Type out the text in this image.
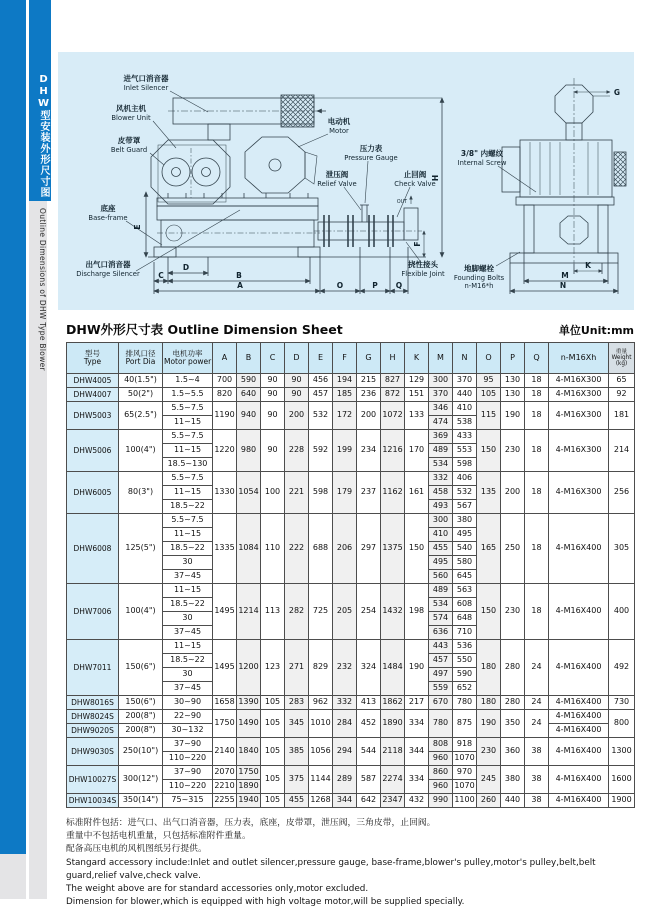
DHW型安装外形尺寸图
Outline Dimensions of DHW Type Blower
进气口消音器
Inlet Silencer
风机主机
Blower Unit
皮带罩
Belt Guard
电动机
Motor
压力表
Pressure Gauge
泄压阀
Relief Valve
止回阀
Check Valve
底座
Base-frame
出气口消音器
Discharge Silencer
挠性接头
Flexible Joint
3/8" 内螺纹
Internal Screw
地脚螺栓
Founding Bolts
n-M16*h
D
C	B
A	O	P Q
E
H
F
OUT
G
K
M
N
DHW外形尺寸表 Outline Dimension Sheet	单位Unit:mm
型号
Type

排风口径
Port Dia

电机功率
Motor power	A	B	C	D	E	F	G	H	K	M	N	O	P	Q	n-M16Xh	
重量
Weight
(kg)

DHW4005	40(1.5")	1.5~4	700	590	90	90	456	194	215	827	129	300	370	95	130	18	4-M16X300	65
DHW4007	50(2")	1.5~5.5	820	640	90	90	457	185	236	872	151	370	440	105	130	18	4-M16X300	92
DHW5003	65(2.5")	5.5~7.5	1190	940	90	200	532	172	200	1072	133	346	410	115	190	18	4-M16X300	181
		11~15										474	538					
DHW5006	100(4")	5.5~7.5	1220	980	90	228	592	199	234	1216	170	369	433	150	230	18	4-M16X300	214
		11~15										489	553					
		18.5~130										534	598					
DHW6005	80(3")	5.5~7.5	1330	1054	100	221	598	179	237	1162	161	332	406	135	200	18	4-M16X300	256
		11~15										458	532					
		18.5~22										493	567					
DHW6008	125(5")	5.5~7.5	1335	1084	110	222	688	206	297	1375	150	300	380	165	250	18	4-M16X400	305
		11~15										410	495					
		18.5~22										455	540					
		30										495	580					
		37~45										560	645					
DHW7006	100(4")	11~15	1495	1214	113	282	725	205	254	1432	198	489	563	150	230	18	4-M16X400	400
		18.5~22										534	608					
		30										574	648					
		37~45										636	710					
DHW7011	150(6")	11~15	1495	1200	123	271	829	232	324	1484	190	443	536	180	280	24	4-M16X400	492
		18.5~22										457	550					
		30										497	590					
		37~45										559	652					
DHW8016S	150(6")	30~90	1658	1390	105	283	962	332	413	1862	217	670	780	180	280	24	4-M16X400	730
DHW8024S	200(8")	22~90	1750	1490	105	345	1010	284	452	1890	334	780	875	190	350	24	4-M16X400	800
DHW9020S	200(8")	30~132															4-M16X400	
DHW9030S	250(10")	37~90	2140	1840	105	385	1056	294	544	2118	344	808	918	230	360	38	4-M16X400	1300
		110~220										960	1070					
DHW10027S	300(12")	37~90	2070	1750	105	375	1144	289	587	2274	334	860	970	245	380	38	4-M16X400	1600
		110~220	2210	1890								960	1070					
DHW10034S	350(14")	75~315	2255	1940	105	455	1268	344	642	2347	432	990	1100	260	440	38	4-M16X400	1900
标准附件包括：进气口、出气口消音器，压力表，底座，皮带罩，泄压阀，三角皮带，止回阀。
重量中不包括电机重量，只包括标准附件重量。
配备高压电机的风机图纸另行提供。
Stangard accessory include:Inlet and outlet silencer,pressure gauge, base-frame,blower's pulley,motor's pulley,belt,belt guard,relief valve,check valve.
The weight above are for standard accessories only,motor excluded.
Dimension for blower,which is equipped with high voltage motor,will be supplied specially.
